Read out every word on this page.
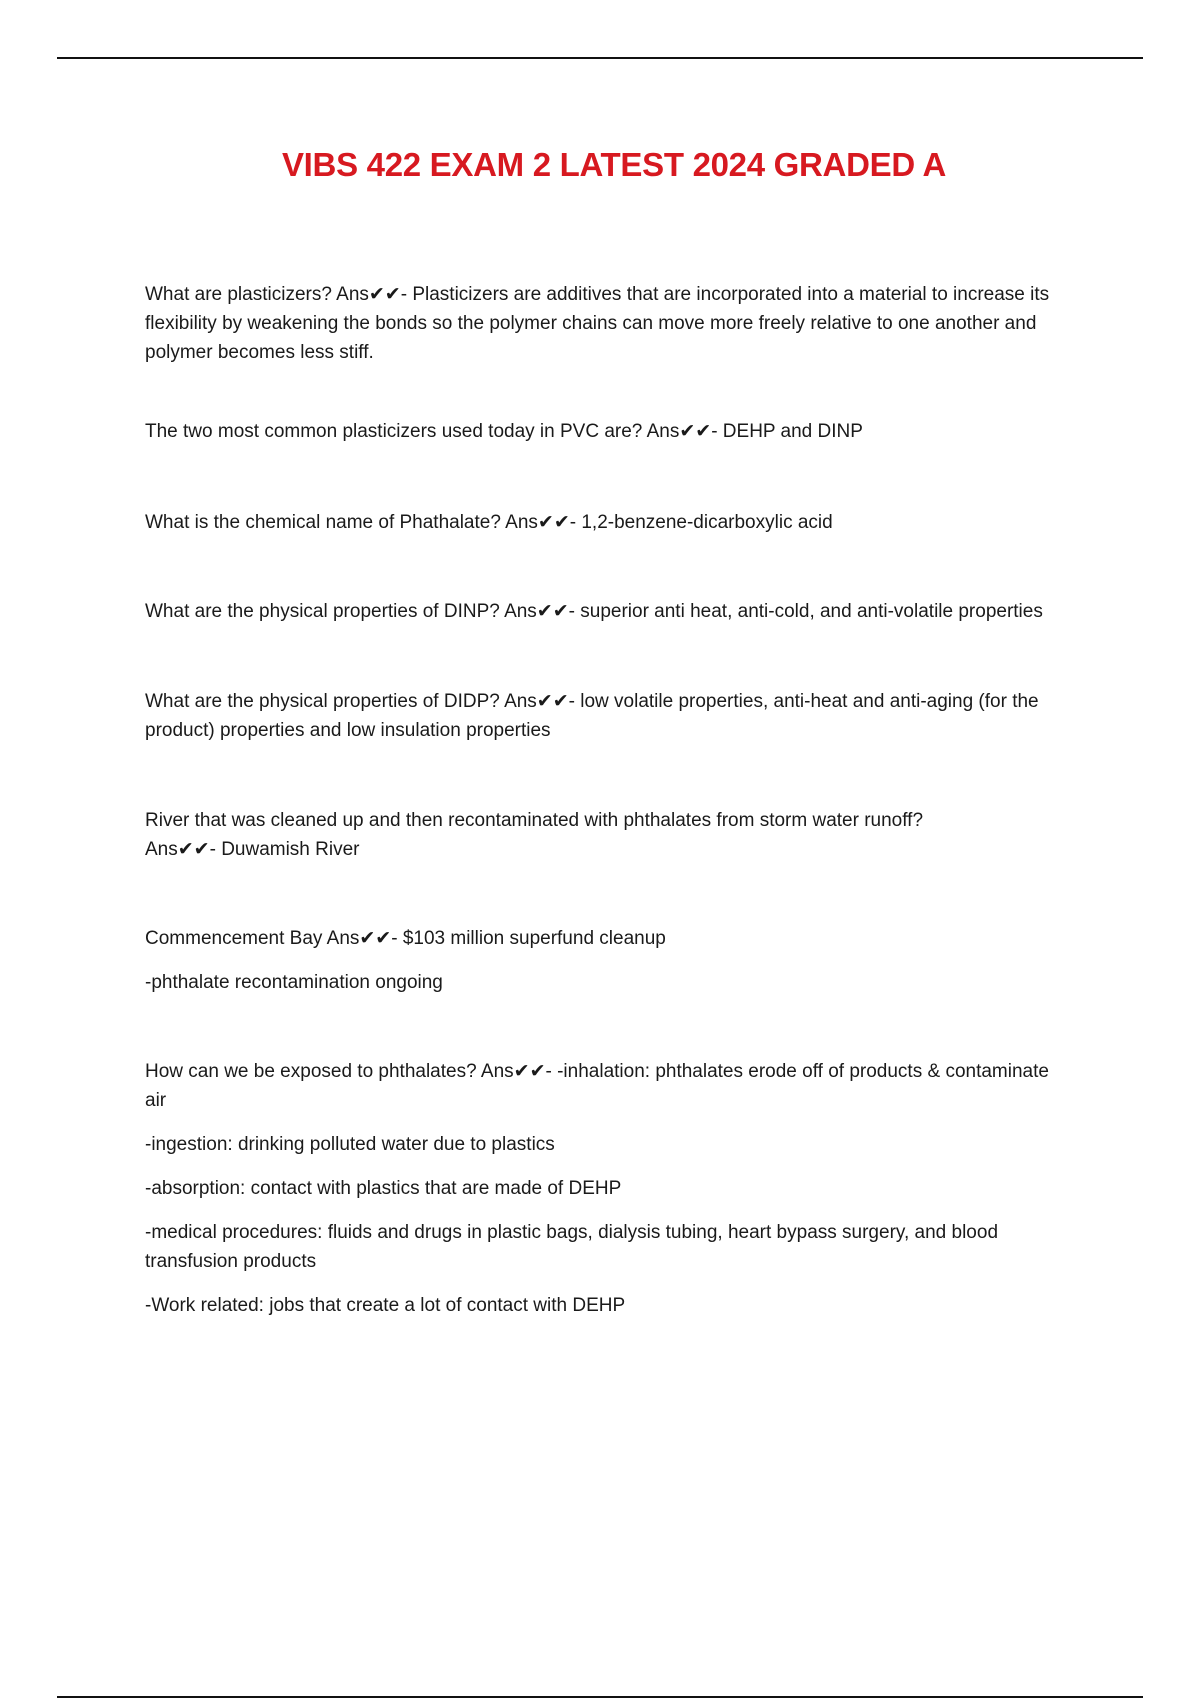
VIBS 422 EXAM 2 LATEST 2024 GRADED A

What are plasticizers? Ans✔✔- Plasticizers are additives that are incorporated into a material to increase its flexibility by weakening the bonds so the polymer chains can move more freely relative to one another and polymer becomes less stiff.

The two most common plasticizers used today in PVC are? Ans✔✔- DEHP and DINP

What is the chemical name of Phathalate? Ans✔✔- 1,2-benzene-dicarboxylic acid

What are the physical properties of DINP? Ans✔✔- superior anti heat, anti-cold, and anti-volatile properties

What are the physical properties of DIDP? Ans✔✔- low volatile properties, anti-heat and anti-aging (for the product) properties and low insulation properties

River that was cleaned up and then recontaminated with phthalates from storm water runoff? Ans✔✔- Duwamish River

Commencement Bay Ans✔✔- $103 million superfund cleanup

-phthalate recontamination ongoing

How can we be exposed to phthalates? Ans✔✔- -inhalation: phthalates erode off of products & contaminate air

-ingestion: drinking polluted water due to plastics

-absorption: contact with plastics that are made of DEHP

-medical procedures: fluids and drugs in plastic bags, dialysis tubing, heart bypass surgery, and blood transfusion products

-Work related: jobs that create a lot of contact with DEHP
